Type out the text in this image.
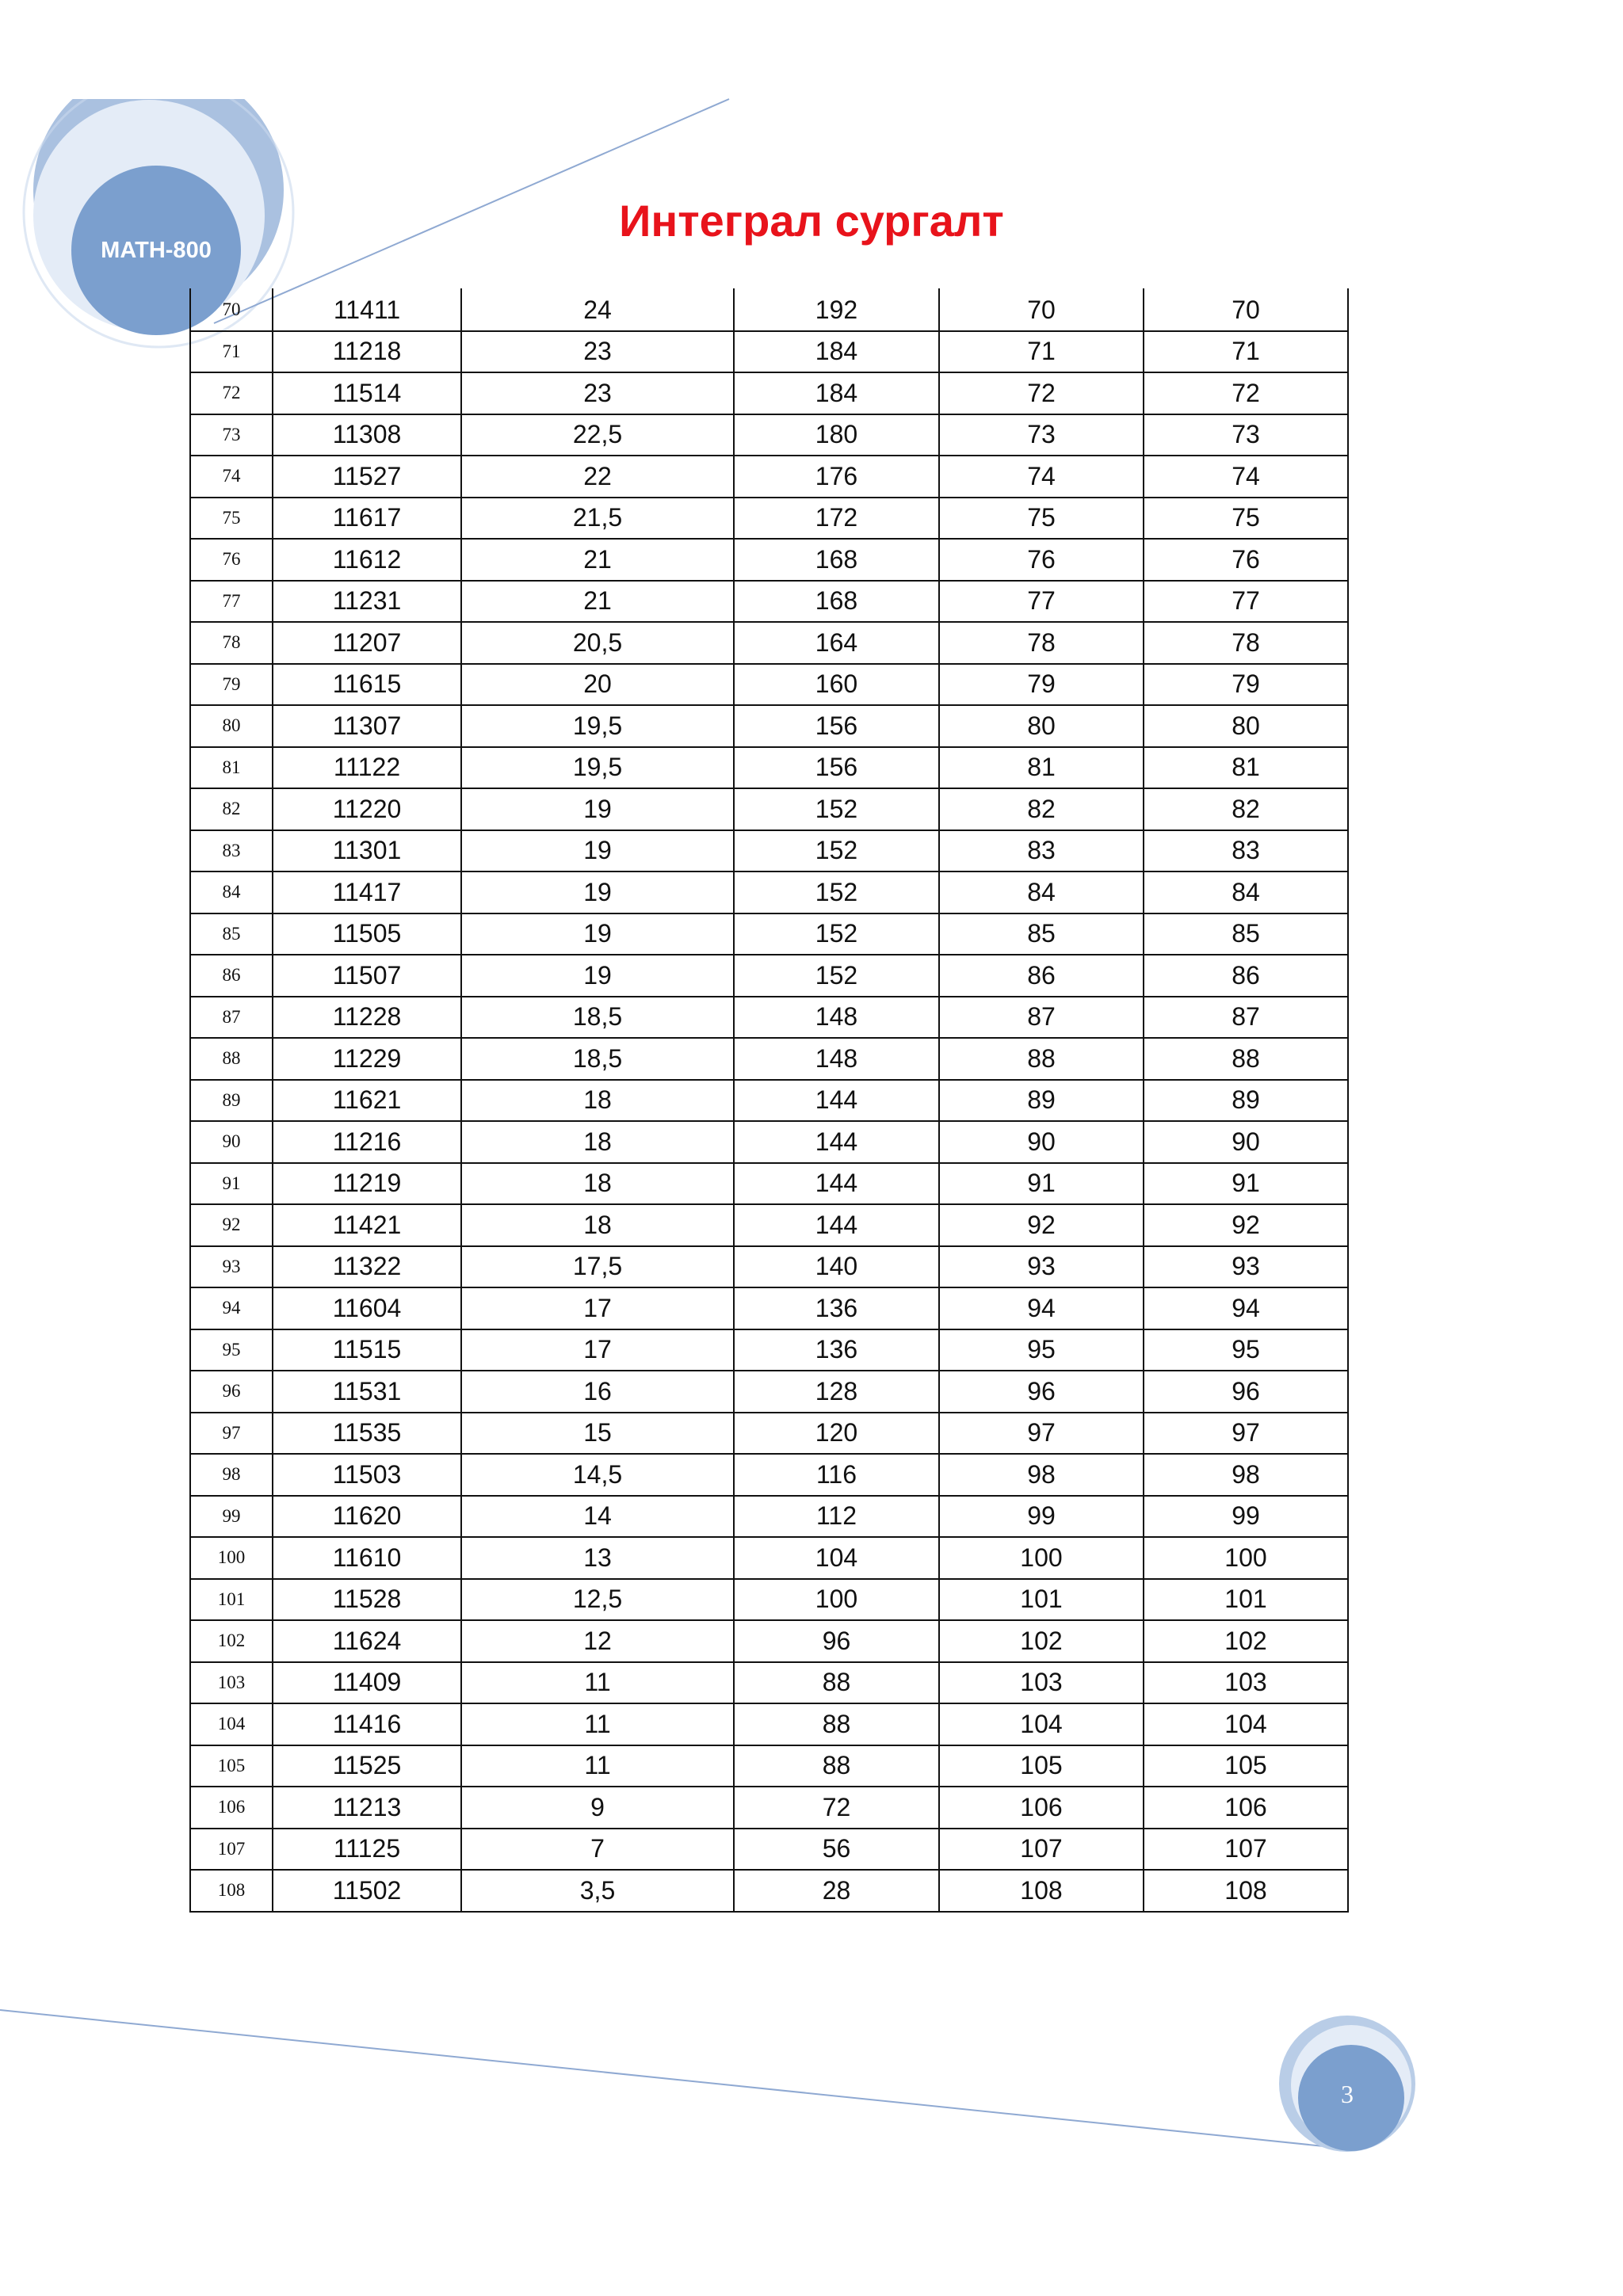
MATH-800
Интеграл сургалт
70	11411	24	192	70	70
71	11218	23	184	71	71
72	11514	23	184	72	72
73	11308	22,5	180	73	73
74	11527	22	176	74	74
75	11617	21,5	172	75	75
76	11612	21	168	76	76
77	11231	21	168	77	77
78	11207	20,5	164	78	78
79	11615	20	160	79	79
80	11307	19,5	156	80	80
81	11122	19,5	156	81	81
82	11220	19	152	82	82
83	11301	19	152	83	83
84	11417	19	152	84	84
85	11505	19	152	85	85
86	11507	19	152	86	86
87	11228	18,5	148	87	87
88	11229	18,5	148	88	88
89	11621	18	144	89	89
90	11216	18	144	90	90
91	11219	18	144	91	91
92	11421	18	144	92	92
93	11322	17,5	140	93	93
94	11604	17	136	94	94
95	11515	17	136	95	95
96	11531	16	128	96	96
97	11535	15	120	97	97
98	11503	14,5	116	98	98
99	11620	14	112	99	99
100	11610	13	104	100	100
101	11528	12,5	100	101	101
102	11624	12	96	102	102
103	11409	11	88	103	103
104	11416	11	88	104	104
105	11525	11	88	105	105
106	11213	9	72	106	106
107	11125	7	56	107	107
108	11502	3,5	28	108	108
3
